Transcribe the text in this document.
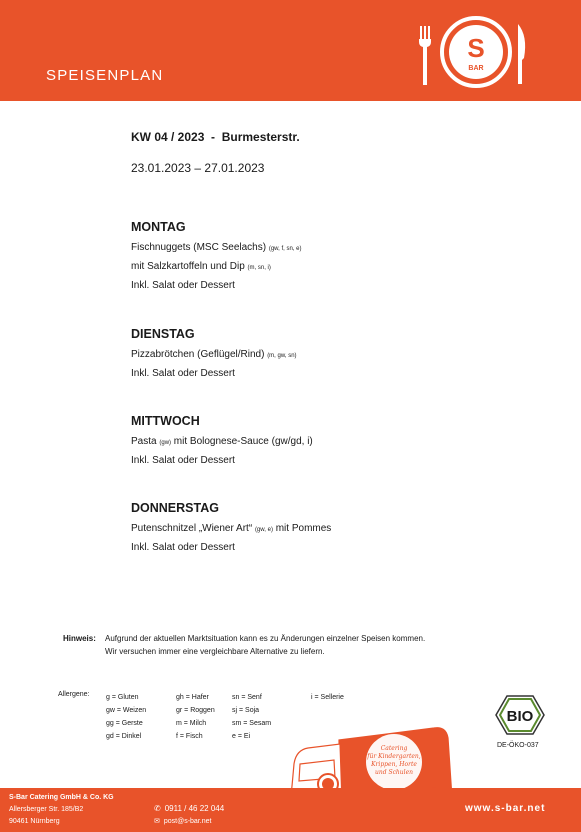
SPEISENPLAN
S
BAR
KW 04 / 2023  -  Burmesterstr.
23.01.2023 – 27.01.2023
MONTAG
Fischnuggets (MSC Seelachs) (gw, f, sn, e)
mit Salzkartoffeln und Dip (m, sn, i)
Inkl. Salat oder Dessert
DIENSTAG
Pizzabrötchen (Geflügel/Rind) (m, gw, sn)
Inkl. Salat oder Dessert
MITTWOCH
Pasta (gw) mit Bolognese-Sauce (gw/gd, i)
Inkl. Salat oder Dessert
DONNERSTAG
Putenschnitzel „Wiener Art“ (gw, e) mit Pommes
Inkl. Salat oder Dessert
Hinweis: Aufgrund der aktuellen Marktsituation kann es zu Änderungen einzelner Speisen kommen.
Wir versuchen immer eine vergleichbare Alternative zu liefern.
Allergene: g = Gluten	gh = Hafer	sn = Senf	i = Sellerie
gw = Weizen	gr = Roggen sj = Soja
gg = Gerste	m = Milch	sm = Sesam
gd = Dinkel	f = Fisch	e = Ei
BIO
DE-ÖKO-037
Catering
für Kindergarten,
Krippen, Horte
und Schulen
S-Bar Catering GmbH & Co. KG
Allersberger Str. 185/B2
90461 Nürnberg
✆ 0911 / 46 22 044
✉ post@s-bar.net
www.s-bar.net
